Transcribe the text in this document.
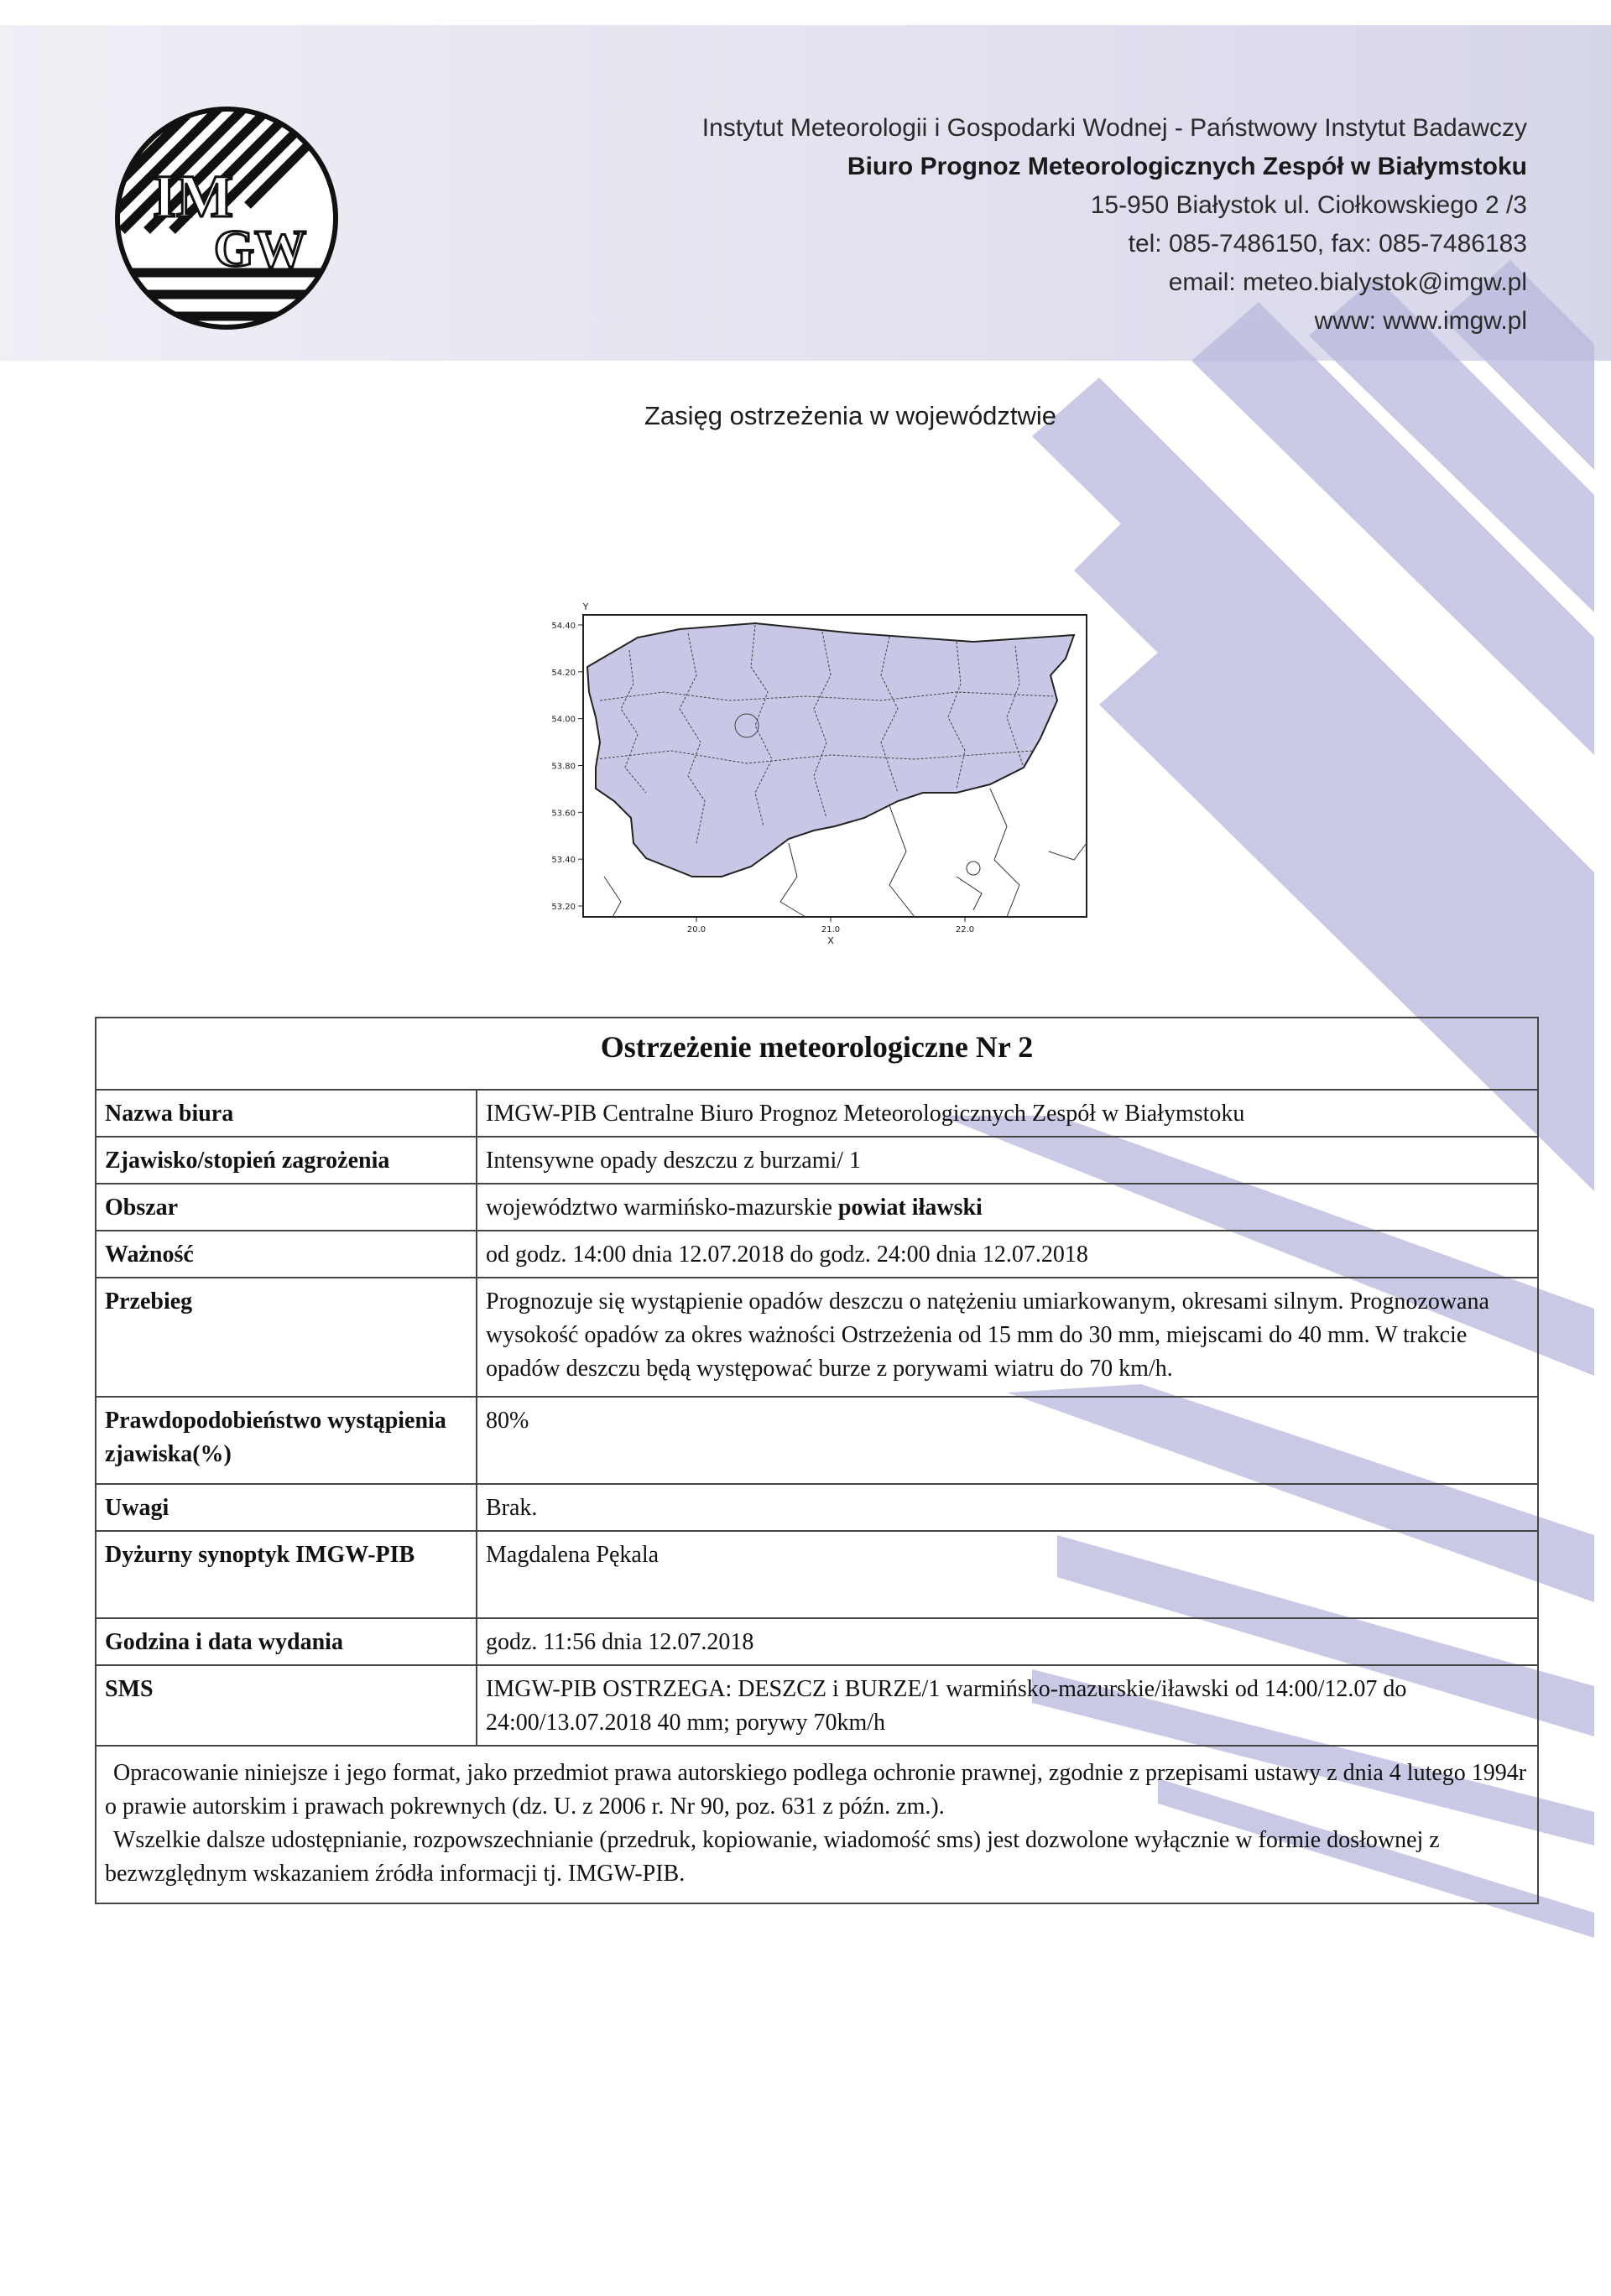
IM
GW
Instytut Meteorologii i Gospodarki Wodnej - Państwowy Instytut Badawczy
Biuro Prognoz Meteorologicznych Zespół w Białymstoku
15-950 Białystok ul. Ciołkowskiego 2 /3
tel: 085-7486150, fax: 085-7486183
email: meteo.bialystok@imgw.pl
www: www.imgw.pl
Zasięg ostrzeżenia w województwie
54.40
54.20
54.00
53.80
53.60
53.40
53.20
20.0	21.0	22.0
Y
X
Ostrzeżenie meteorologiczne Nr 2	
Nazwa biura	IMGW-PIB Centralne Biuro Prognoz Meteorologicznych Zespół w Białymstoku
Zjawisko/stopień zagrożenia	Intensywne opady deszczu z burzami/ 1
Obszar	województwo warmińsko-mazurskie powiat iławski
Ważność	od godz. 14:00 dnia 12.07.2018 do godz. 24:00 dnia 12.07.2018
Przebieg	Prognozuje się wystąpienie opadów deszczu o natężeniu umiarkowanym, okresami silnym. Prognozowana wysokość opadów za okres ważności Ostrzeżenia od 15 mm do 30 mm, miejscami do 40 mm. W trakcie opadów deszczu będą występować burze z porywami wiatru do 70 km/h.
Prawdopodobieństwo wystąpienia zjawiska(%)	80%
Uwagi	Brak.
Dyżurny synoptyk IMGW-PIB	Magdalena Pękala
Godzina i data wydania	godz. 11:56 dnia 12.07.2018
SMS	IMGW-PIB OSTRZEGA: DESZCZ i BURZE/1 warmińsko-mazurskie/iławski od 14:00/12.07 do 24:00/13.07.2018 40 mm; porywy 70km/h

Opracowanie niniejsze i jego format, jako przedmiot prawa autorskiego podlega ochronie prawnej, zgodnie z przepisami ustawy z dnia 4 lutego 1994r o prawie autorskim i prawach pokrewnych (dz. U. z 2006 r. Nr 90, poz. 631 z późn. zm.).
Wszelkie dalsze udostępnianie, rozpowszechnianie (przedruk, kopiowanie, wiadomość sms) jest dozwolone wyłącznie w formie dosłownej z bezwzględnym wskazaniem źródła informacji tj. IMGW-PIB.	
